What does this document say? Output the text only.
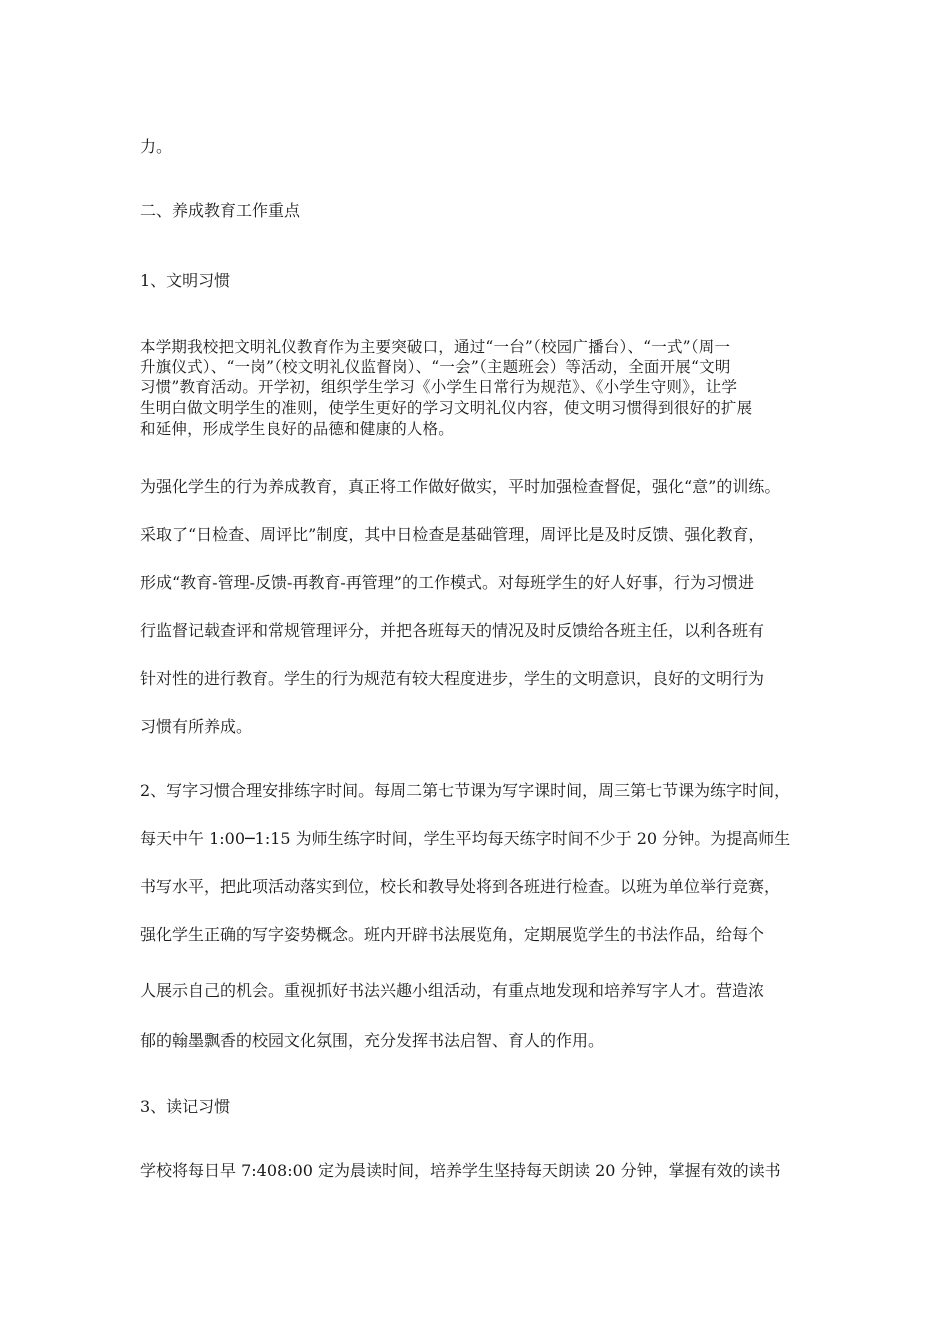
力。
二、养成教育工作重点
1、文明习惯
本学期我校把文明礼仪教育作为主要突破口，通过“一台”（校园广播台）、“一式”（周一
升旗仪式）、“一岗”（校文明礼仪监督岗）、“一会”（主题班会）等活动，全面开展“文明
习惯”教育活动。开学初，组织学生学习《小学生日常行为规范》、《小学生守则》，让学
生明白做文明学生的准则，使学生更好的学习文明礼仪内容，使文明习惯得到很好的扩展
和延伸，形成学生良好的品德和健康的人格。
为强化学生的行为养成教育，真正将工作做好做实，平时加强检查督促，强化“意”的训练。
采取了“日检查、周评比”制度，其中日检查是基础管理，周评比是及时反馈、强化教育，
形成“教育-管理-反馈-再教育-再管理”的工作模式。对每班学生的好人好事，行为习惯进
行监督记载查评和常规管理评分，并把各班每天的情况及时反馈给各班主任，以利各班有
针对性的进行教育。学生的行为规范有较大程度进步，学生的文明意识，良好的文明行为
习惯有所养成。
2、写字习惯合理安排练字时间。每周二第七节课为写字课时间，周三第七节课为练字时间，
每天中午 1:00─1:15 为师生练字时间，学生平均每天练字时间不少于 20 分钟。为提高师生
书写水平，把此项活动落实到位，校长和教导处将到各班进行检查。以班为单位举行竞赛，
强化学生正确的写字姿势概念。班内开辟书法展览角，定期展览学生的书法作品，给每个
人展示自己的机会。重视抓好书法兴趣小组活动，有重点地发现和培养写字人才。营造浓
郁的翰墨飘香的校园文化氛围，充分发挥书法启智、育人的作用。
3、读记习惯
学校将每日早 7:408:00 定为晨读时间，培养学生坚持每天朗读 20 分钟，掌握有效的读书
